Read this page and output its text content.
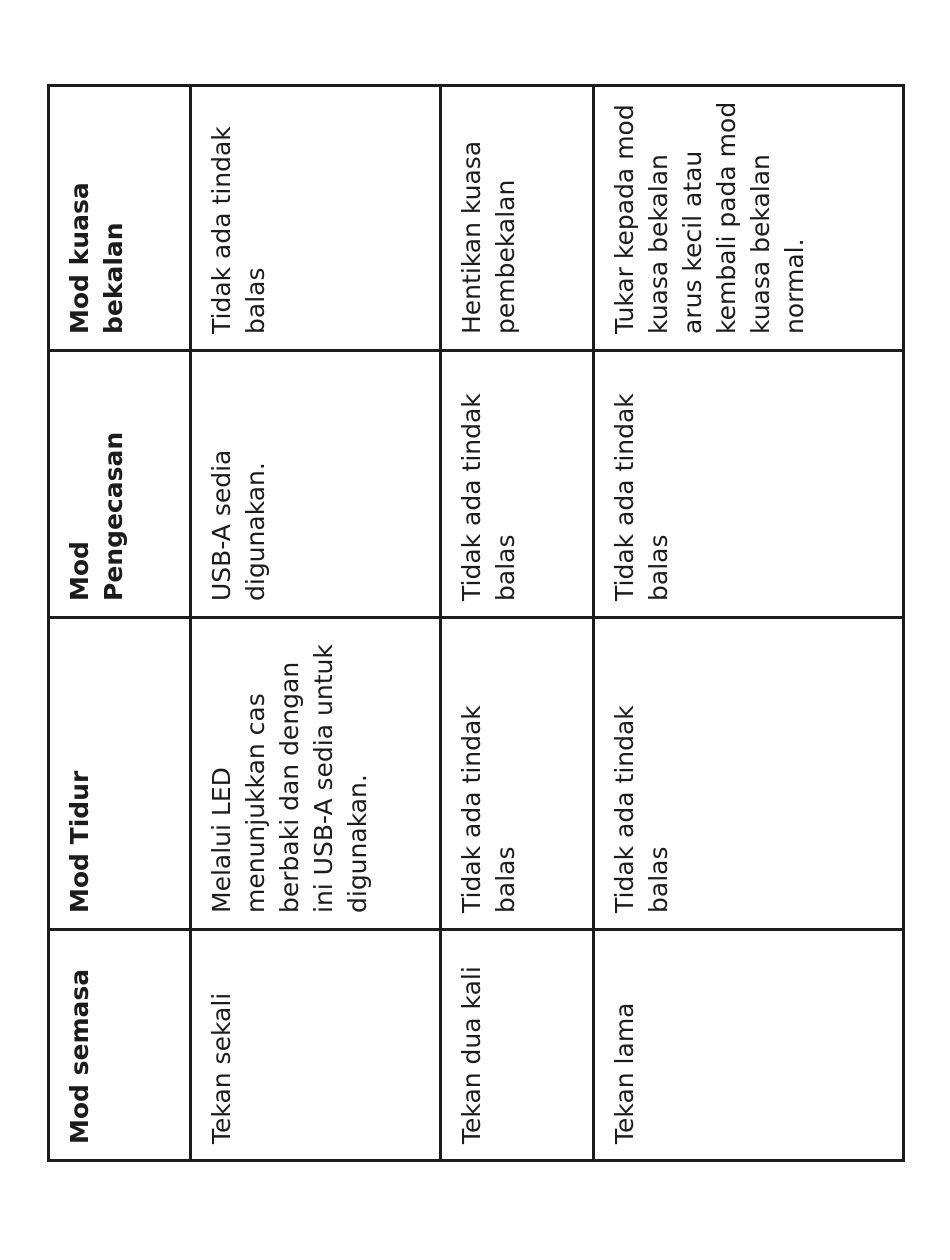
Mod semasa	Mod Tidur	Mod Pengecasan	Mod kuasa bekalan
Tekan sekali	Melalui LED menunjukkan cas berbaki dan dengan ini USB-A sedia untuk digunakan.	USB-A sedia digunakan.	Tidak ada tindak balas
Tekan dua kali	Tidak ada tindak balas	Tidak ada tindak balas	Hentikan kuasa pembekalan
Tekan lama	Tidak ada tindak balas	Tidak ada tindak balas	Tukar kepada mod kuasa bekalan arus kecil atau kembali pada mod kuasa bekalan normal.
